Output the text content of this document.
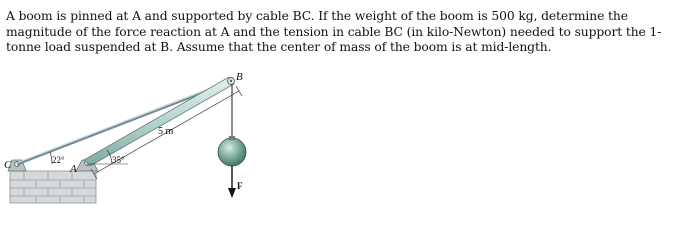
A boom is pinned at A and supported by cable BC. If the weight of the boom is 500 kg, determine the magnitude of the force reaction at A and the tension in cable BC (in kilo-Newton) needed to support the 1-tonne load suspended at B. Assume that the center of mass of the boom is at mid-length.
B
A
C
5 m
22°	35°
F
